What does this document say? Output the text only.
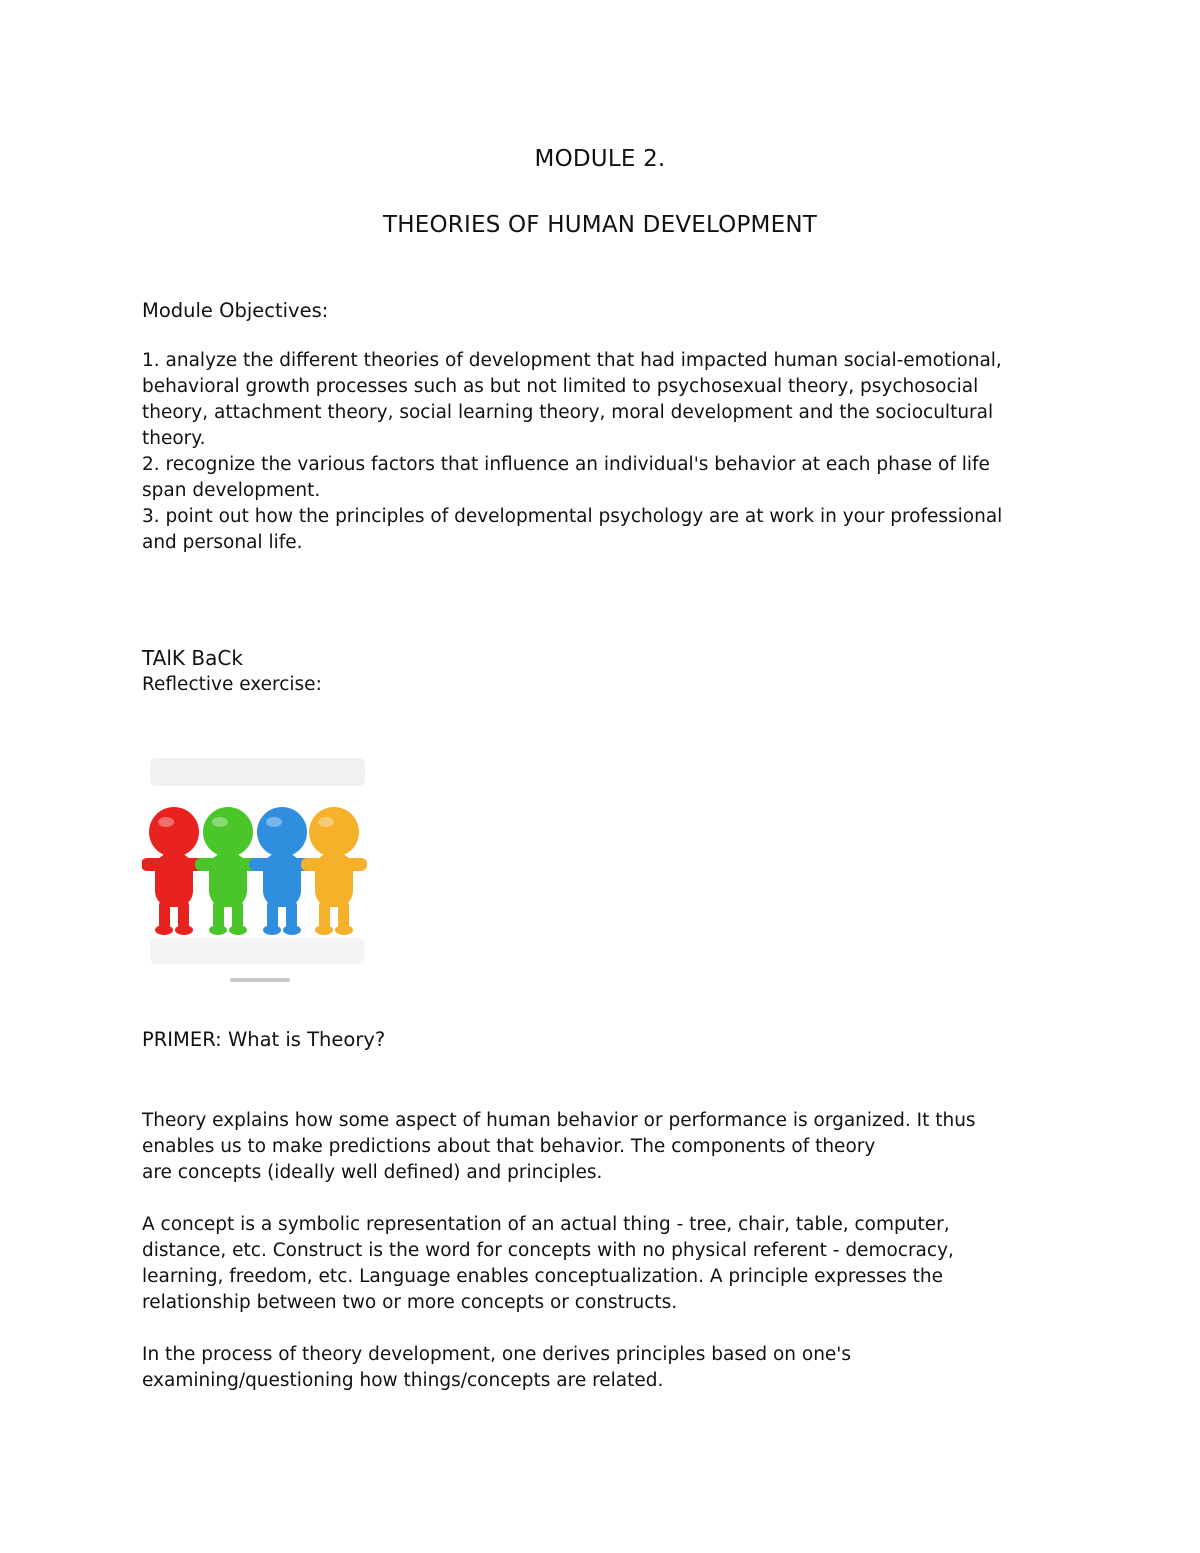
MODULE 2.
THEORIES OF HUMAN DEVELOPMENT
Module Objectives:
1. analyze the different theories of development that had impacted human social-emotional,
behavioral growth processes such as but not limited to psychosexual theory, psychosocial
theory, attachment theory, social learning theory, moral development and the sociocultural
theory.
2. recognize the various factors that influence an individual's behavior at each phase of life
span development.
3. point out how the principles of developmental psychology are at work in your professional
and personal life.
TAlK BaCk
Reflective exercise:
PRIMER: What is Theory?
Theory explains how some aspect of human behavior or performance is organized. It thus
enables us to make predictions about that behavior. The components of theory
are concepts (ideally well defined) and principles.
A concept is a symbolic representation of an actual thing - tree, chair, table, computer,
distance, etc. Construct is the word for concepts with no physical referent - democracy,
learning, freedom, etc. Language enables conceptualization. A principle expresses the
relationship between two or more concepts or constructs.
In the process of theory development, one derives principles based on one's
examining/questioning how things/concepts are related.
